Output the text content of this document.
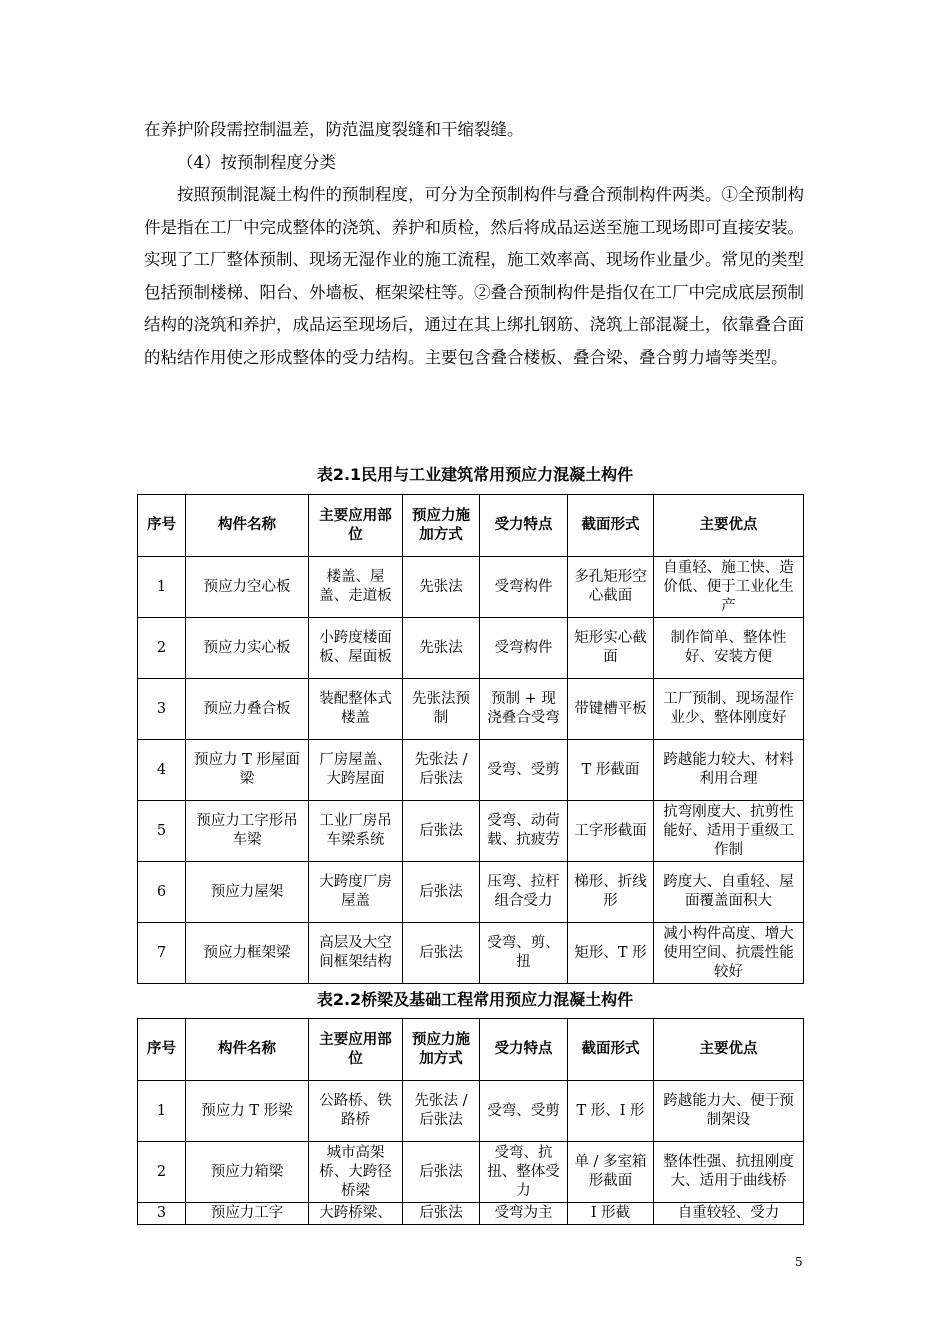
在养护阶段需控制温差，防范温度裂缝和干缩裂缝。

（4）按预制程度分类

按照预制混凝土构件的预制程度，可分为全预制构件与叠合预制构件两类。①全预制构件是指在工厂中完成整体的浇筑、养护和质检，然后将成品运送至施工现场即可直接安装。实现了工厂整体预制、现场无湿作业的施工流程，施工效率高、现场作业量少。常见的类型包括预制楼梯、阳台、外墙板、框架梁柱等。②叠合预制构件是指仅在工厂中完成底层预制结构的浇筑和养护，成品运至现场后，通过在其上绑扎钢筋、浇筑上部混凝土，依靠叠合面的粘结作用使之形成整体的受力结构。主要包含叠合楼板、叠合梁、叠合剪力墙等类型。

表2.1民用与工业建筑常用预应力混凝土构件
序号	构件名称	主要应用部位	预应力施加方式	受力特点	截面形式	主要优点
1	预应力空心板	楼盖、屋盖、走道板	先张法	受弯构件	多孔矩形空心截面	自重轻、施工快、造价低、便于工业化生产
2	预应力实心板	小跨度楼面板、屋面板	先张法	受弯构件	矩形实心截面	制作简单、整体性好、安装方便
3	预应力叠合板	装配整体式楼盖	先张法预制	预制 + 现浇叠合受弯	带键槽平板	工厂预制、现场湿作业少、整体刚度好
4	预应力 T 形屋面梁	厂房屋盖、大跨屋面	先张法 / 后张法	受弯、受剪	T 形截面	跨越能力较大、材料利用合理
5	预应力工字形吊车梁	工业厂房吊车梁系统	后张法	受弯、动荷载、抗疲劳	工字形截面	抗弯刚度大、抗剪性能好、适用于重级工作制
6	预应力屋架	大跨度厂房屋盖	后张法	压弯、拉杆组合受力	梯形、折线形	跨度大、自重轻、屋面覆盖面积大
7	预应力框架梁	高层及大空间框架结构	后张法	受弯、剪、扭	矩形、T 形	减小构件高度、增大使用空间、抗震性能较好
表2.2桥梁及基础工程常用预应力混凝土构件
序号	构件名称	主要应用部位	预应力施加方式	受力特点	截面形式	主要优点
1	预应力 T 形梁	公路桥、铁路桥	先张法 / 后张法	受弯、受剪	T 形、I 形	跨越能力大、便于预制架设
2	预应力箱梁	城市高架桥、大跨径桥梁	后张法	受弯、抗扭、整体受力	单 / 多室箱形截面	整体性强、抗扭刚度大、适用于曲线桥
3	预应力工字	大跨桥梁、	后张法	受弯为主	I 形截	自重较轻、受力
5
